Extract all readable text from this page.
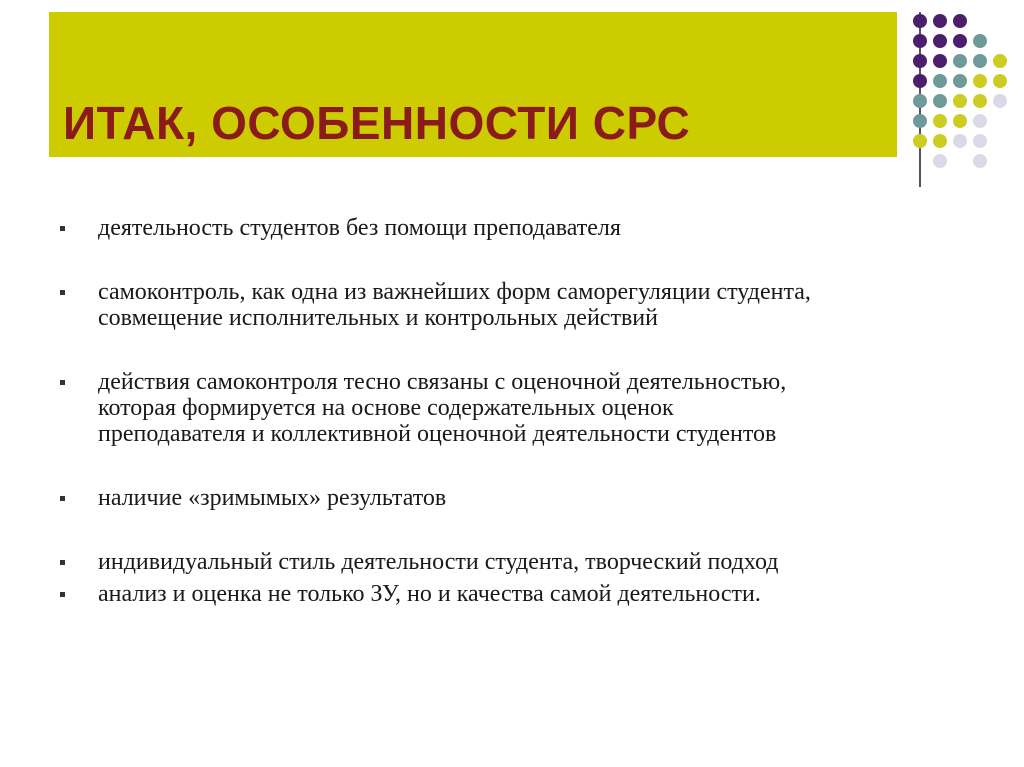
ИТАК, ОСОБЕННОСТИ СРС
деятельность студентов без помощи преподавателя
самоконтроль, как одна из важнейших форм саморегуляции студента,
совмещение исполнительных и контрольных действий
действия самоконтроля тесно связаны с оценочной деятельностью,
которая формируется на основе содержательных оценок
преподавателя и коллективной оценочной деятельности студентов
наличие «зримымых» результатов
индивидуальный стиль деятельности студента, творческий подход
анализ и оценка не только ЗУ, но и качества самой деятельности.
